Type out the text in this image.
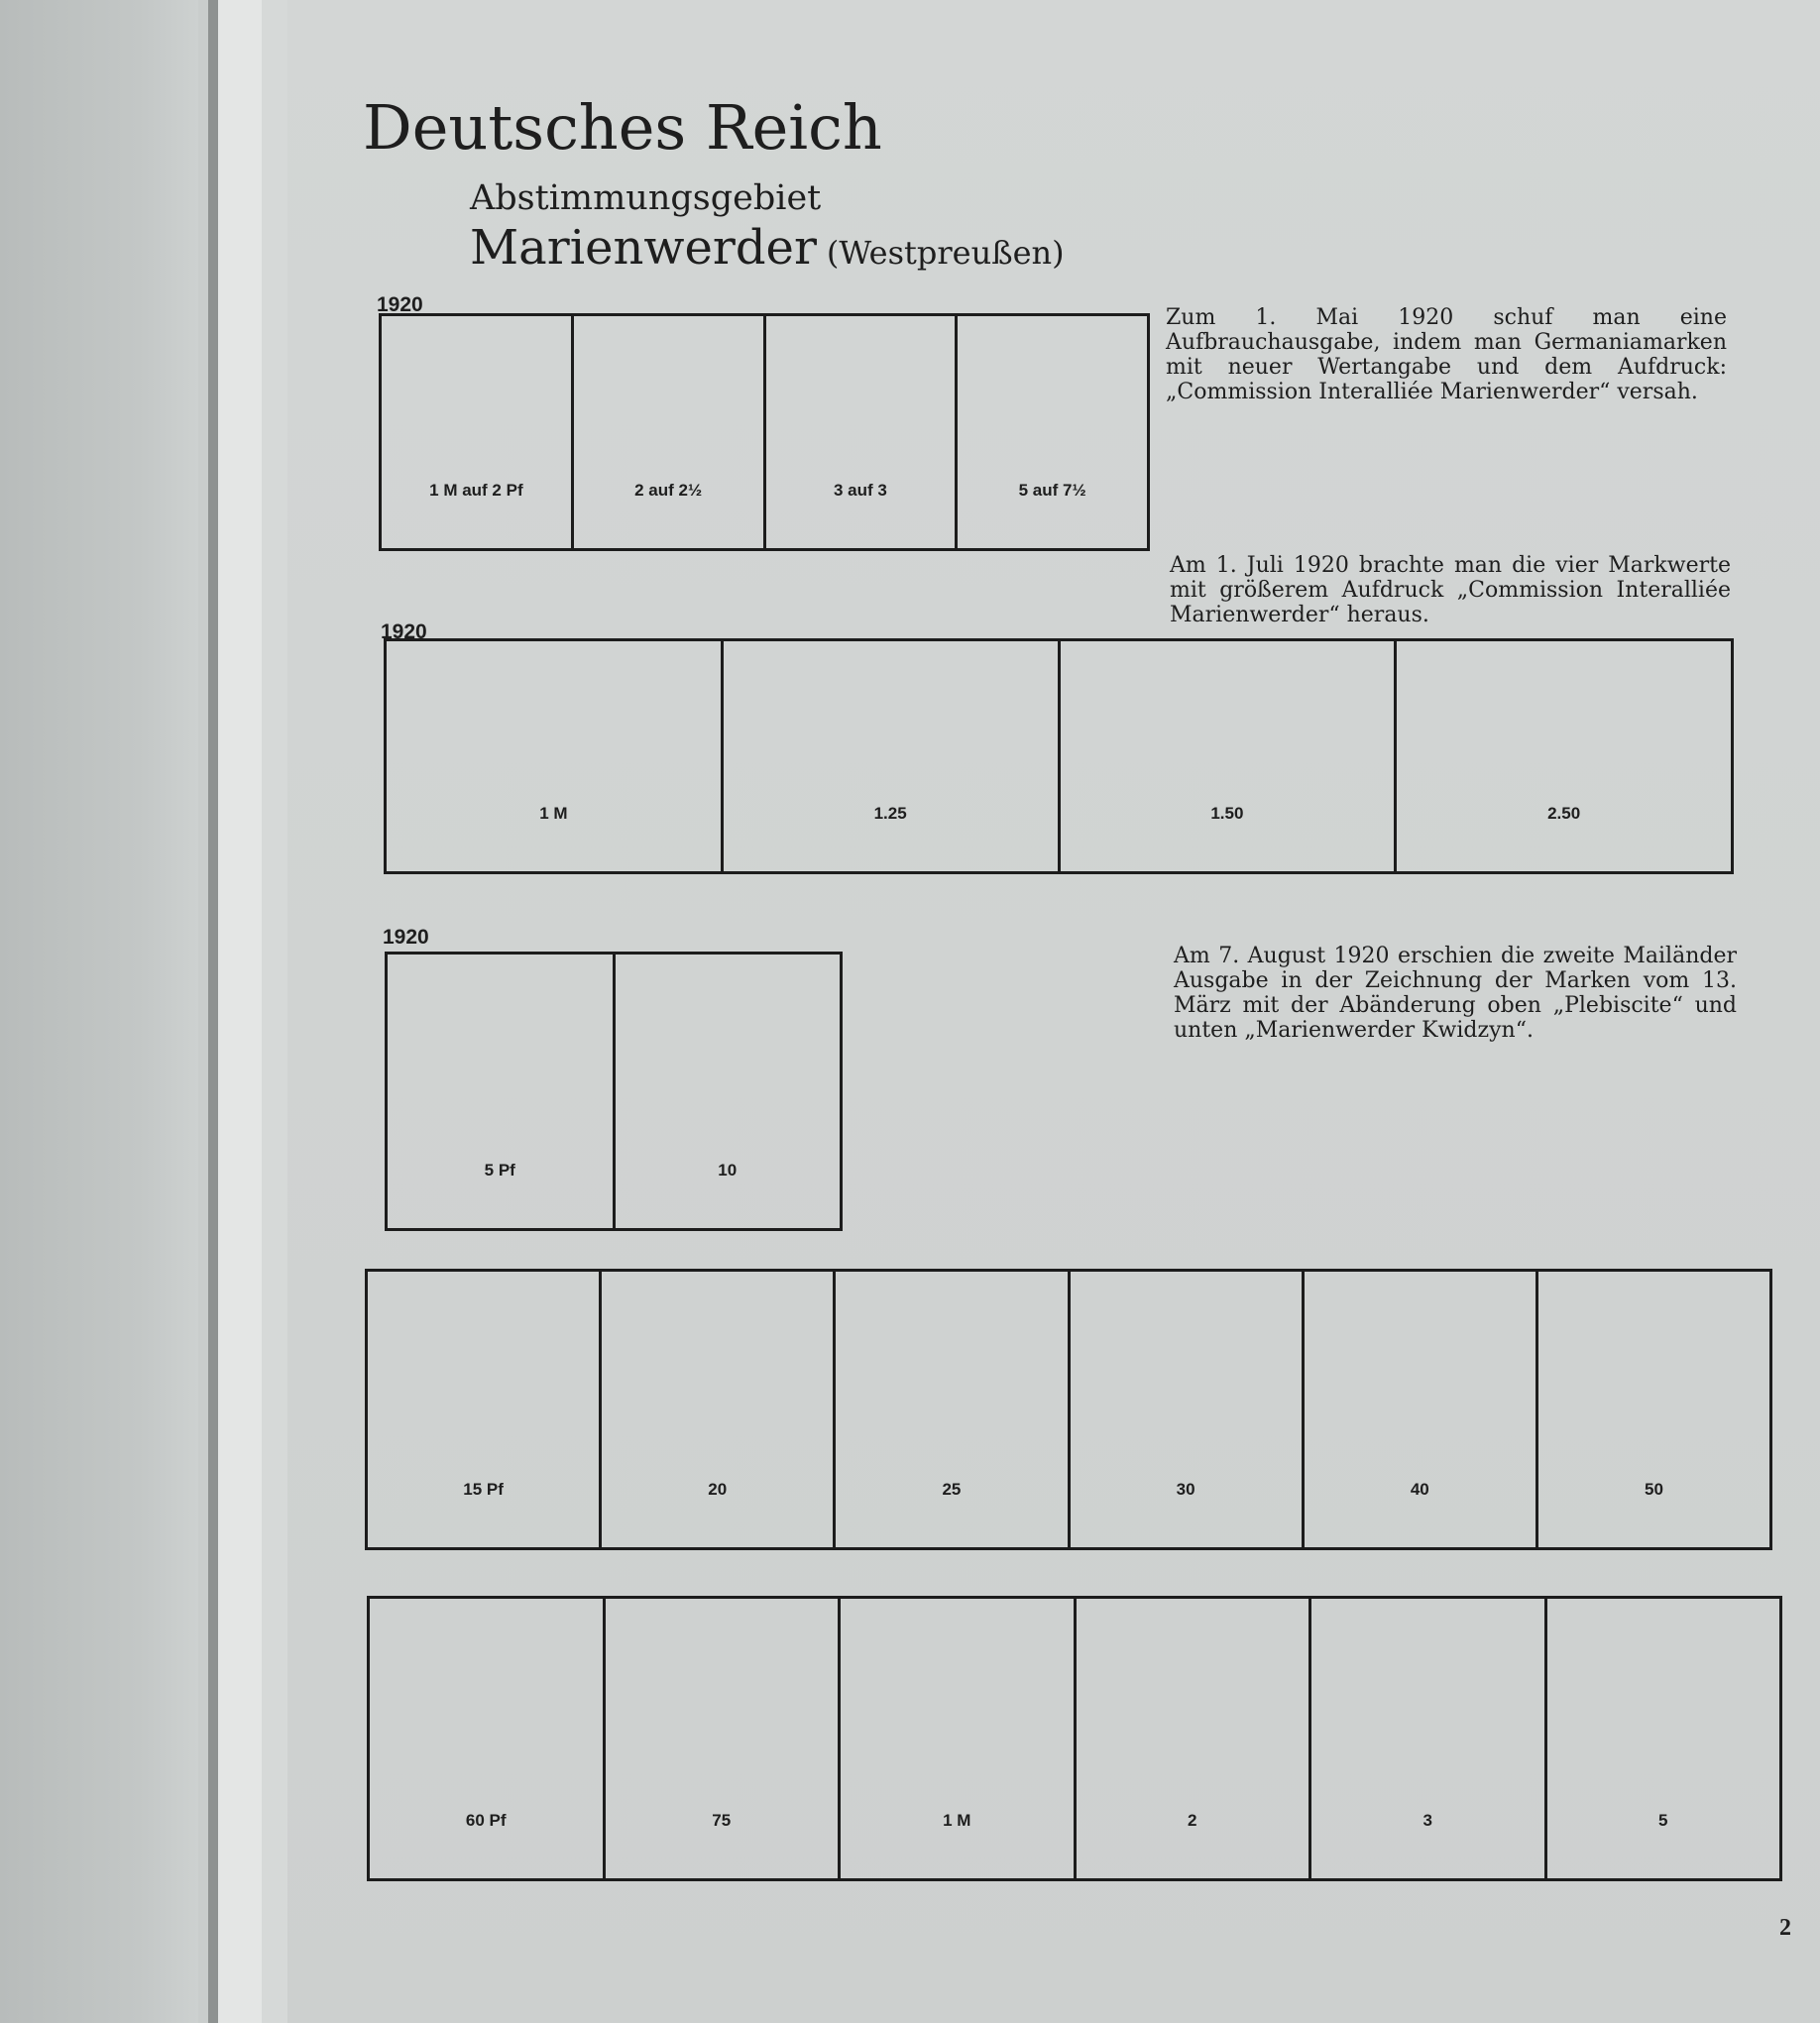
Deutsches Reich
Abstimmungsgebiet
Marienwerder (Westpreußen)
1920
1 M auf 2 Pf	2 auf 2½	3 auf 3	5 auf 7½
Zum 1. Mai 1920 schuf man eine Aufbrauchausgabe, indem man Germaniamarken mit neuer Wertangabe und dem Aufdruck: „Commission Interalliée Marienwerder“ versah.
Am 1. Juli 1920 brachte man die vier Markwerte mit größerem Aufdruck „Commission Interalliée Marienwerder“ heraus.
1920
1 M	1.25	1.50	2.50
1920
5 Pf	10
Am 7. August 1920 erschien die zweite Mailänder Ausgabe in der Zeichnung der Marken vom 13. März mit der Abänderung oben „Plebiscite“ und unten „Marienwerder Kwidzyn“.
15 Pf	20	25	30	40	50
60 Pf	75	1 M	2	3	5
2
